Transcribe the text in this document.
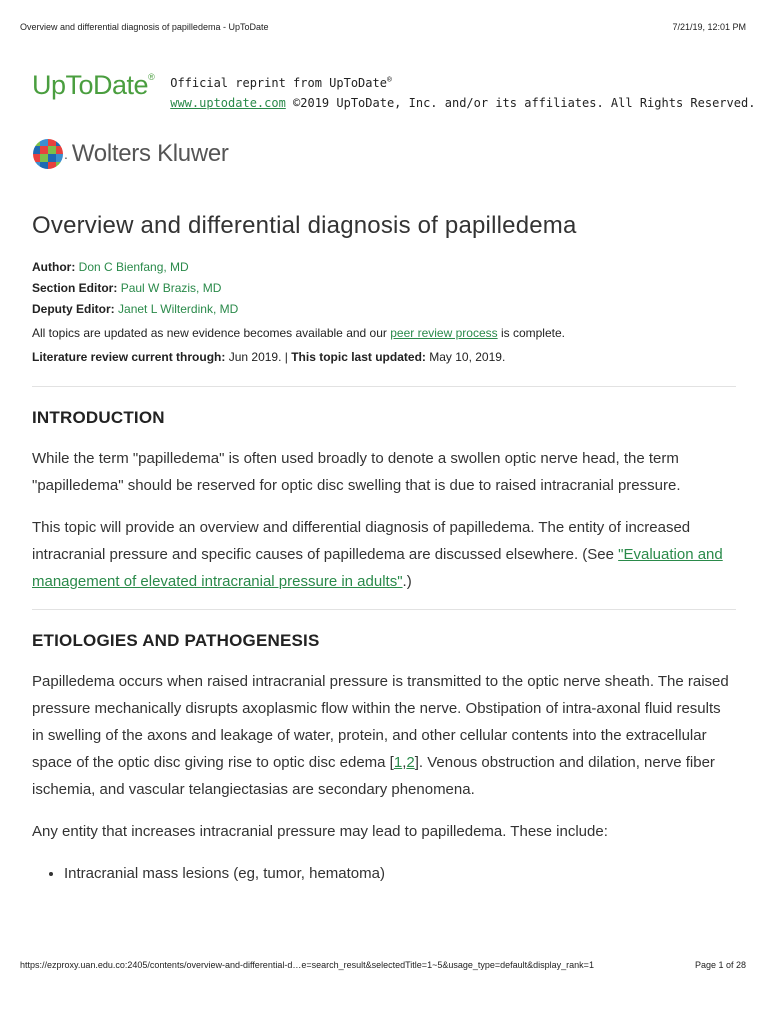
Overview and differential diagnosis of papilledema - UpToDate	7/21/19, 12:01 PM
UpToDate® Official reprint from UpToDate®
www.uptodate.com ©2019 UpToDate, Inc. and/or its affiliates. All Rights Reserved.
. Wolters Kluwer
Overview and differential diagnosis of papilledema
Author: Don C Bienfang, MD
Section Editor: Paul W Brazis, MD
Deputy Editor: Janet L Wilterdink, MD
All topics are updated as new evidence becomes available and our peer review process is complete.
Literature review current through: Jun 2019. | This topic last updated: May 10, 2019.
INTRODUCTION

While the term "papilledema" is often used broadly to denote a swollen optic nerve head, the term "papilledema" should be reserved for optic disc swelling that is due to raised intracranial pressure.

This topic will provide an overview and differential diagnosis of papilledema. The entity of increased intracranial pressure and specific causes of papilledema are discussed elsewhere. (See "Evaluation and management of elevated intracranial pressure in adults".)

ETIOLOGIES AND PATHOGENESIS

Papilledema occurs when raised intracranial pressure is transmitted to the optic nerve sheath. The raised pressure mechanically disrupts axoplasmic flow within the nerve. Obstipation of intra-axonal fluid results in swelling of the axons and leakage of water, protein, and other cellular contents into the extracellular space of the optic disc giving rise to optic disc edema [1,2]. Venous obstruction and dilation, nerve fiber ischemia, and vascular telangiectasias are secondary phenomena.

Any entity that increases intracranial pressure may lead to papilledema. These include:

• Intracranial mass lesions (eg, tumor, hematoma)
https://ezproxy.uan.edu.co:2405/contents/overview-and-differential-d…e=search_result&selectedTitle=1~5&usage_type=default&display_rank=1	Page 1 of 28
